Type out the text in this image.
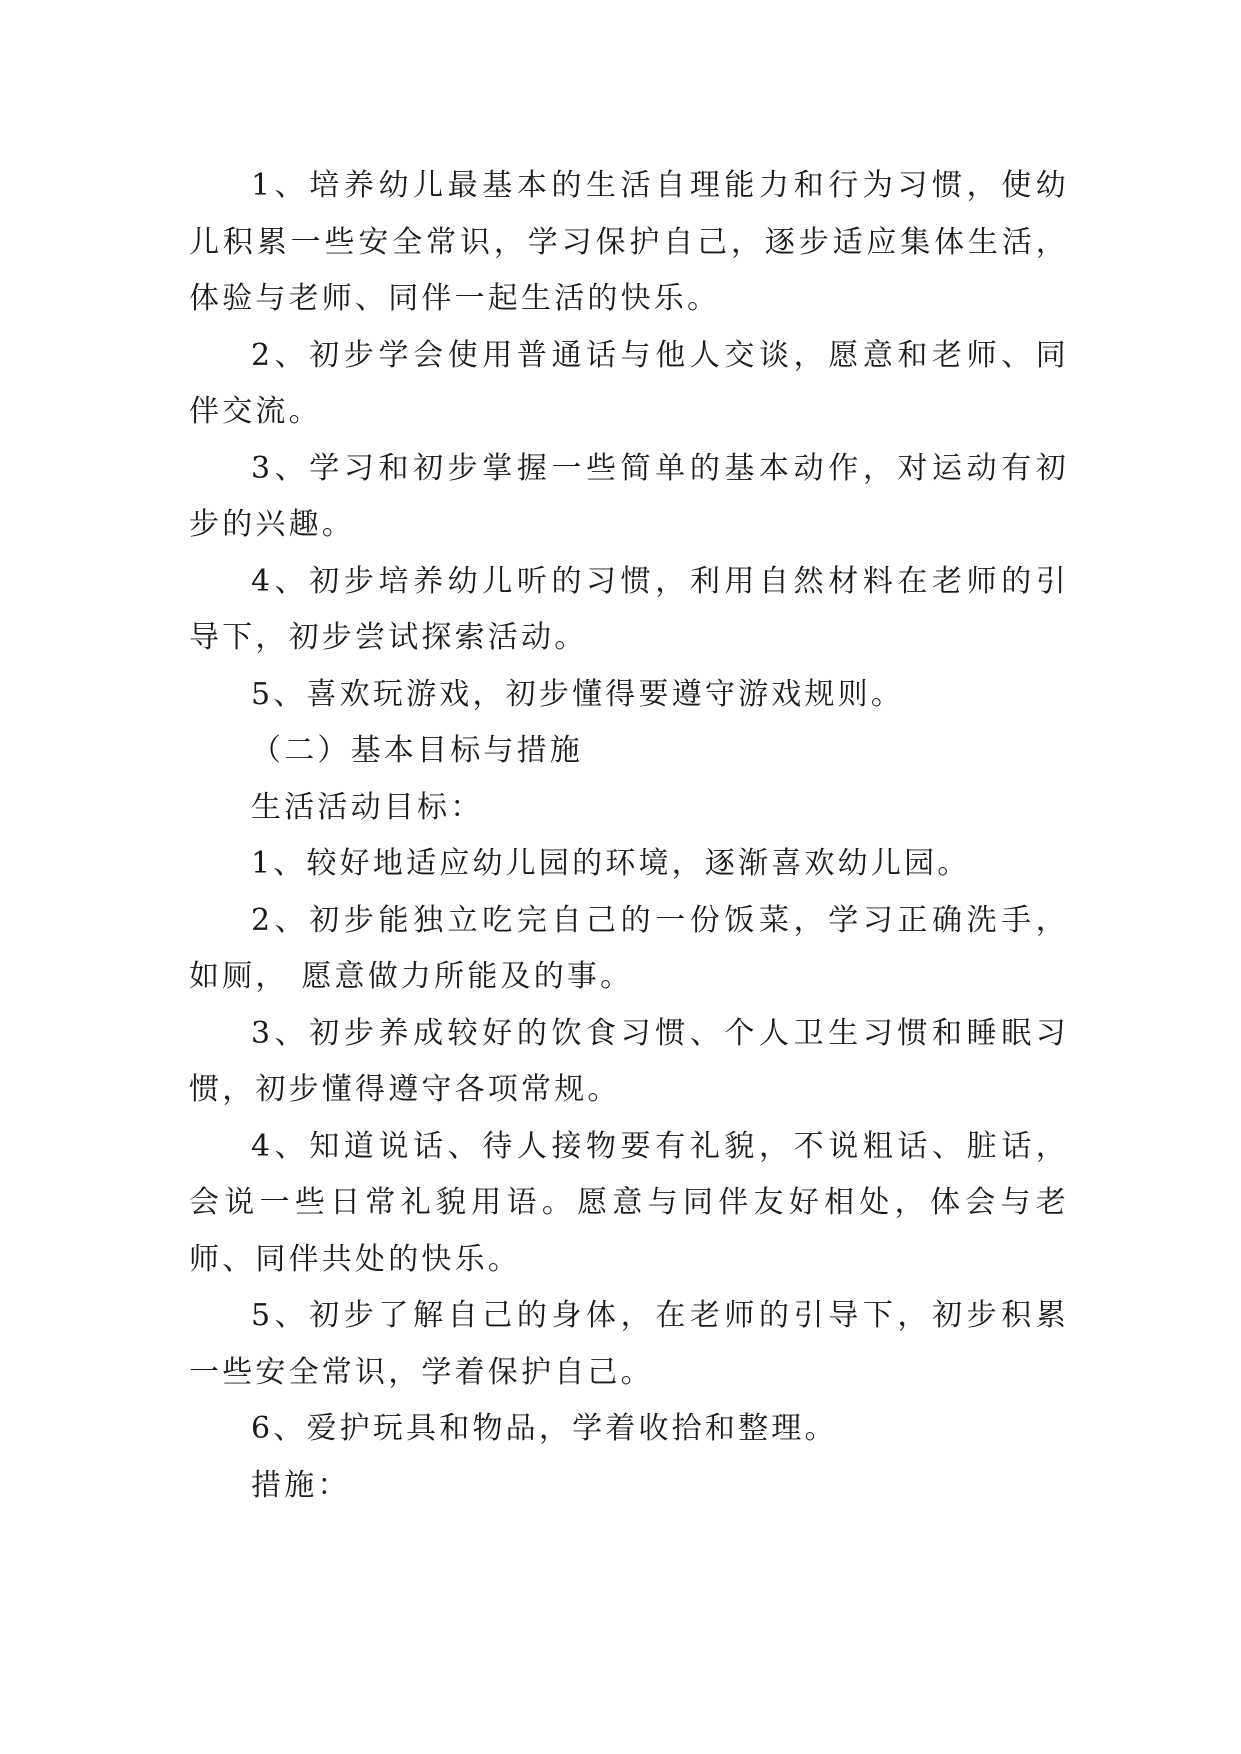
1、培养幼儿最基本的生活自理能力和行为习惯，使幼儿积累一些安全常识，学习保护自己，逐步适应集体生活，体验与老师、同伴一起生活的快乐。

2、初步学会使用普通话与他人交谈，愿意和老师、同伴交流。

3、学习和初步掌握一些简单的基本动作，对运动有初步的兴趣。

4、初步培养幼儿听的习惯，利用自然材料在老师的引导下，初步尝试探索活动。

5、喜欢玩游戏，初步懂得要遵守游戏规则。

（二）基本目标与措施

生活活动目标：

1、较好地适应幼儿园的环境，逐渐喜欢幼儿园。

2、初步能独立吃完自己的一份饭菜，学习正确洗手，如厕， 愿意做力所能及的事。

3、初步养成较好的饮食习惯、个人卫生习惯和睡眠习惯，初步懂得遵守各项常规。

4、知道说话、待人接物要有礼貌，不说粗话、脏话，会说一些日常礼貌用语。愿意与同伴友好相处，体会与老师、同伴共处的快乐。

5、初步了解自己的身体，在老师的引导下，初步积累一些安全常识，学着保护自己。

6、爱护玩具和物品，学着收拾和整理。

措施：
